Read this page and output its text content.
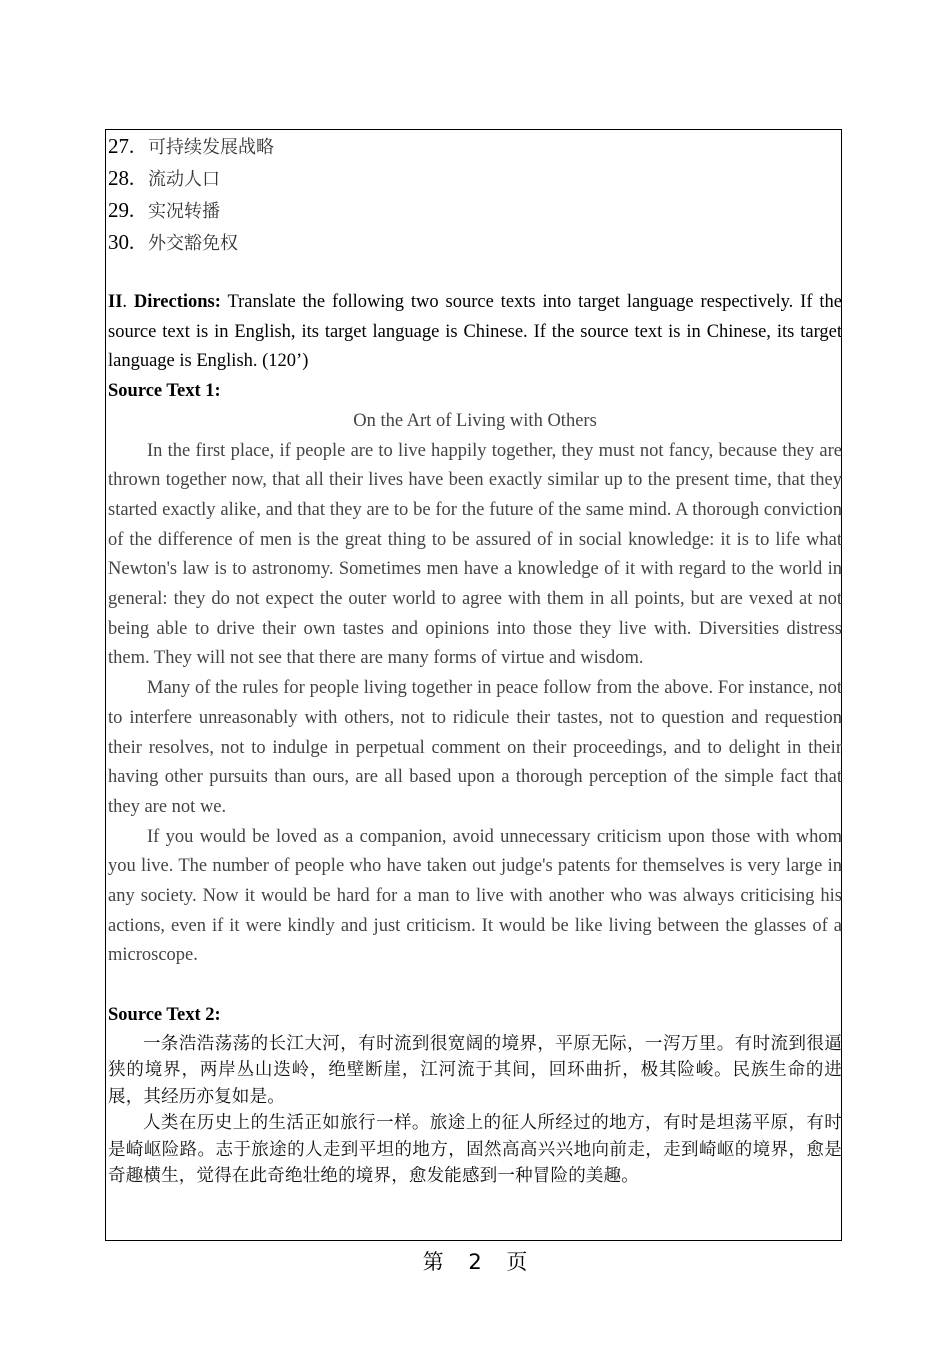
27. 可持续发展战略
28. 流动人口
29. 实况转播
30. 外交豁免权
II. Directions: Translate the following two source texts into target language respectively. If the source text is in English, its target language is Chinese. If the source text is in Chinese, its target language is English. (120’)
Source Text 1:
On the Art of Living with Others

In the first place, if people are to live happily together, they must not fancy, because they are thrown together now, that all their lives have been exactly similar up to the present time, that they started exactly alike, and that they are to be for the future of the same mind. A thorough conviction of the difference of men is the great thing to be assured of in social knowledge: it is to life what Newton's law is to astronomy. Sometimes men have a knowledge of it with regard to the world in general: they do not expect the outer world to agree with them in all points, but are vexed at not being able to drive their own tastes and opinions into those they live with. Diversities distress them. They will not see that there are many forms of virtue and wisdom.

Many of the rules for people living together in peace follow from the above. For instance, not to interfere unreasonably with others, not to ridicule their tastes, not to question and requestion their resolves, not to indulge in perpetual comment on their proceedings, and to delight in their having other pursuits than ours, are all based upon a thorough perception of the simple fact that they are not we.

If you would be loved as a companion, avoid unnecessary criticism upon those with whom you live. The number of people who have taken out judge's patents for themselves is very large in any society. Now it would be hard for a man to live with another who was always criticising his actions, even if it were kindly and just criticism. It would be like living between the glasses of a microscope.

Source Text 2:

一条浩浩荡荡的长江大河，有时流到很宽阔的境界，平原无际，一泻万里。有时流到很逼狭的境界，两岸丛山迭岭，绝壁断崖，江河流于其间，回环曲折，极其险峻。民族生命的进展，其经历亦复如是。

人类在历史上的生活正如旅行一样。旅途上的征人所经过的地方，有时是坦荡平原，有时是崎岖险路。志于旅途的人走到平坦的地方，固然高高兴兴地向前走，走到崎岖的境界，愈是奇趣横生，觉得在此奇绝壮绝的境界，愈发能感到一种冒险的美趣。

第 2 页
